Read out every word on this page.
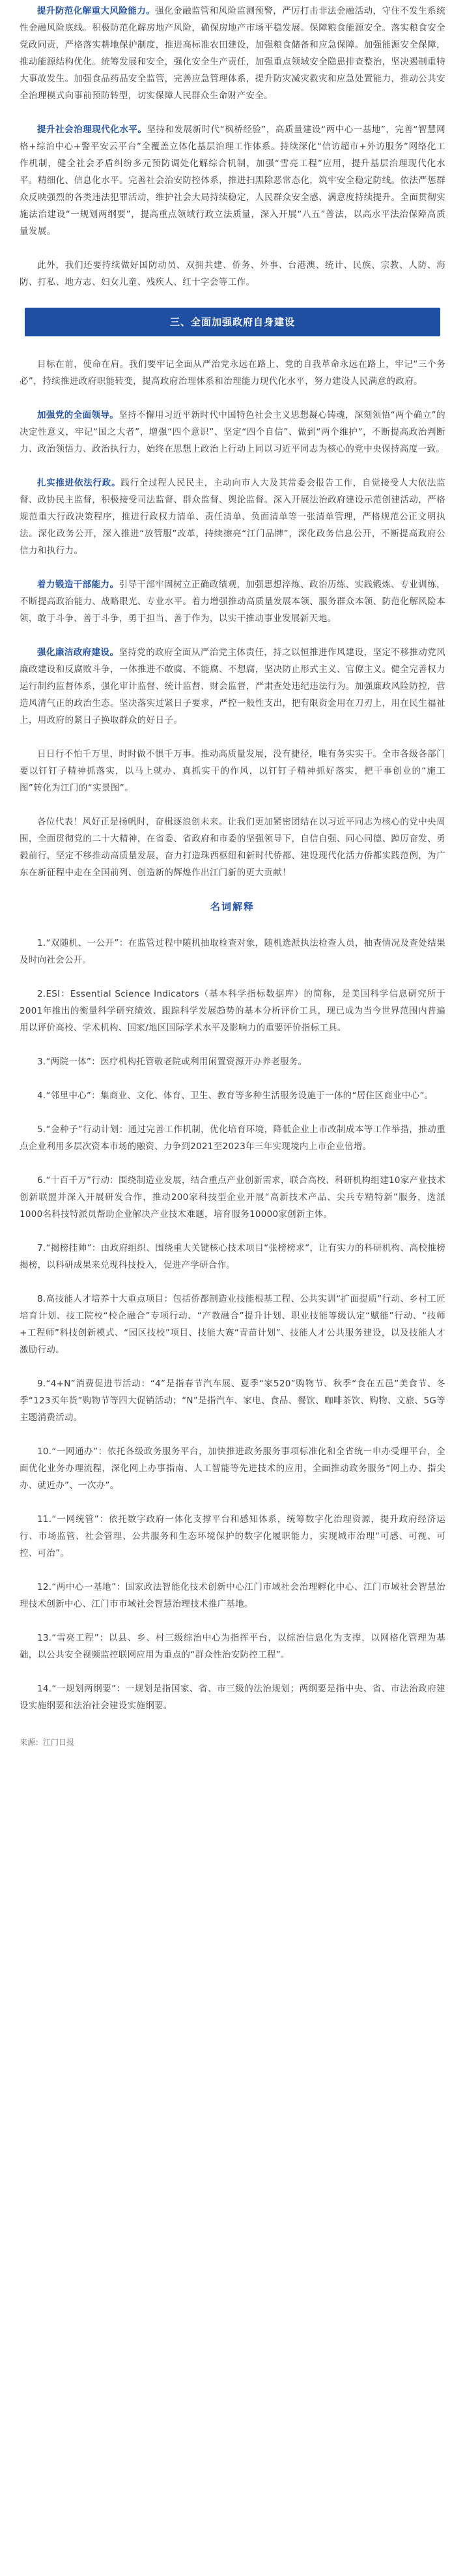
提升防范化解重大风险能力。强化金融监管和风险监测预警，严厉打击非法金融活动，守住不发生系统性金融风险底线。积极防范化解房地产风险，确保房地产市场平稳发展。保障粮食能源安全。落实粮食安全党政同责，严格落实耕地保护制度，推进高标准农田建设，加强粮食储备和应急保障。加强能源安全保障，推动能源结构优化。统筹发展和安全，强化安全生产责任，加强重点领域安全隐患排查整治，坚决遏制重特大事故发生。加强食品药品安全监管，完善应急管理体系，提升防灾减灾救灾和应急处置能力，推动公共安全治理模式向事前预防转型，切实保障人民群众生命财产安全。

提升社会治理现代化水平。坚持和发展新时代“枫桥经验”，高质量建设“两中心一基地”，完善“智慧网格+综治中心+警平安云平台”全覆盖立体化基层治理工作体系。持续深化“信访超市+外访服务”网络化工作机制，健全社会矛盾纠纷多元预防调处化解综合机制，加强“雪亮工程”应用，提升基层治理现代化水平。精细化、信息化水平。完善社会治安防控体系，推进扫黑除恶常态化，筑牢安全稳定防线。依法严惩群众反映强烈的各类违法犯罪活动，维护社会大局持续稳定，人民群众安全感、满意度持续提升。全面贯彻实施法治建设“一规划两纲要”，提高重点领域行政立法质量，深入开展“八五”普法，以高水平法治保障高质量发展。

此外，我们还要持续做好国防动员、双拥共建、侨务、外事、台港澳、统计、民族、宗教、人防、海防、打私、地方志、妇女儿童、残疾人、红十字会等工作。

三、全面加强政府自身建设

目标在前，使命在肩。我们要牢记全面从严治党永远在路上、党的自我革命永远在路上，牢记“三个务必”，持续推进政府职能转变，提高政府治理体系和治理能力现代化水平，努力建设人民满意的政府。

加强党的全面领导。坚持不懈用习近平新时代中国特色社会主义思想凝心铸魂，深刻领悟“两个确立”的决定性意义，牢记“国之大者”，增强“四个意识”、坚定“四个自信”、做到“两个维护”，不断提高政治判断力、政治领悟力、政治执行力，始终在思想上政治上行动上同以习近平同志为核心的党中央保持高度一致。

扎实推进依法行政。践行全过程人民民主，主动向市人大及其常委会报告工作，自觉接受人大依法监督、政协民主监督，积极接受司法监督、群众监督、舆论监督。深入开展法治政府建设示范创建活动，严格规范重大行政决策程序，推进行政权力清单、责任清单、负面清单等一张清单管理，严格规范公正文明执法。深化政务公开，深入推进“放管服”改革，持续擦亮“江门品牌”，深化政务信息公开，不断提高政府公信力和执行力。

着力锻造干部能力。引导干部牢固树立正确政绩观，加强思想淬炼、政治历练、实践锻炼、专业训练，不断提高政治能力、战略眼光、专业水平。着力增强推动高质量发展本领、服务群众本领、防范化解风险本领，敢于斗争、善于斗争，勇于担当、善于作为，以实干推动事业发展新天地。

强化廉洁政府建设。坚持党的政府全面从严治党主体责任，持之以恒推进作风建设，坚定不移推动党风廉政建设和反腐败斗争，一体推进不敢腐、不能腐、不想腐，坚决防止形式主义、官僚主义。健全完善权力运行制约监督体系，强化审计监督、统计监督、财会监督，严肃查处违纪违法行为。加强廉政风险防控，营造风清气正的政治生态。坚决落实过紧日子要求，严控一般性支出，把有限资金用在刀刃上，用在民生福祉上，用政府的紧日子换取群众的好日子。

日日行不怕千万里，时时做不惧千万事。推动高质量发展，没有捷径，唯有务实实干。全市各级各部门要以钉钉子精神抓落实，以马上就办、真抓实干的作风，以钉钉子精神抓好落实，把干事创业的“施工图”转化为江门的“实景图”。

各位代表！风好正是扬帆时，奋楫逐浪创未来。让我们更加紧密团结在以习近平同志为核心的党中央周围，全面贯彻党的二十大精神，在省委、省政府和市委的坚强领导下，自信自强、同心同德、踔厉奋发、勇毅前行，坚定不移推动高质量发展，奋力打造珠西枢纽和新时代侨都、建设现代化活力侨都实践范例，为广东在新征程中走在全国前列、创造新的辉煌作出江门新的更大贡献！

名词解释

1.“双随机、一公开”：在监管过程中随机抽取检查对象，随机选派执法检查人员，抽查情况及查处结果及时向社会公开。

2.ESI：Essential Science Indicators（基本科学指标数据库）的简称，是美国科学信息研究所于2001年推出的衡量科学研究绩效、跟踪科学发展趋势的基本分析评价工具，现已成为当今世界范围内普遍用以评价高校、学术机构、国家/地区国际学术水平及影响力的重要评价指标工具。

3.“两院一体”：医疗机构托管敬老院或利用闲置资源开办养老服务。

4.“邻里中心”：集商业、文化、体育、卫生、教育等多种生活服务设施于一体的“居住区商业中心”。

5.“金种子”行动计划：通过完善工作机制，优化培育环境，降低企业上市改制成本等工作举措，推动重点企业利用多层次资本市场的融资、力争到2021至2023年三年实现境内上市企业倍增。

6.“十百千万”行动：围绕制造业发展，结合重点产业创新需求，联合高校、科研机构组建10家产业技术创新联盟并深入开展研发合作，推动200家科技型企业开展“高新技术产品、尖兵专精特新”服务，选派1000名科技特派员帮助企业解决产业技术难题，培育服务10000家创新主体。

7.“揭榜挂帅”：由政府组织、围绕重大关键核心技术项目“张榜榜求”，让有实力的科研机构、高校推榜揭榜，以科研成果来兑现科技投入，促进产学研合作。

8.高技能人才培养十大重点项目：包括侨都制造业技能根基工程、公共实训“扩面提质”行动、乡村工匠培育计划、技工院校“校企融合”专项行动、“产教融合”提升计划、职业技能等级认定“赋能”行动、“技师+工程师”科技创新模式、“园区技校”项目、技能大赛“青苗计划”、技能人才公共服务建设，以及技能人才激励行动。

9.“4+N”消费促进节活动：“4”是指春节汽车展、夏季“家520”购物节、秋季“食在五邑”美食节、冬季“123买年货”购物节等四大促销活动；“N”是指汽车、家电、食品、餐饮、咖啡茶饮、购物、文旅、5G等主题消费活动。

10.“一网通办”：依托各级政务服务平台，加快推进政务服务事项标准化和全省统一申办受理平台，全面优化业务办理流程，深化网上办事指南、人工智能等先进技术的应用，全面推动政务服务“网上办、指尖办、就近办”、一次办”。

11.“一网统管”：依托数字政府一体化支撑平台和感知体系，统筹数字化治理资源，提升政府经济运行、市场监管、社会管理、公共服务和生态环境保护的数字化履职能力，实现城市治理“可感、可视、可控、可治”。

12.“两中心一基地”：国家政法智能化技术创新中心江门市域社会治理孵化中心、江门市域社会智慧治理技术创新中心、江门市市域社会智慧治理技术推广基地。

13.“雪亮工程”：以县、乡、村三级综治中心为指挥平台，以综治信息化为支撑，以网格化管理为基础，以公共安全视频监控联网应用为重点的“群众性治安防控工程”。

14.“一规划两纲要”：一规划是指国家、省、市三级的法治规划；两纲要是指中央、省、市法治政府建设实施纲要和法治社会建设实施纲要。

来源：江门日报
